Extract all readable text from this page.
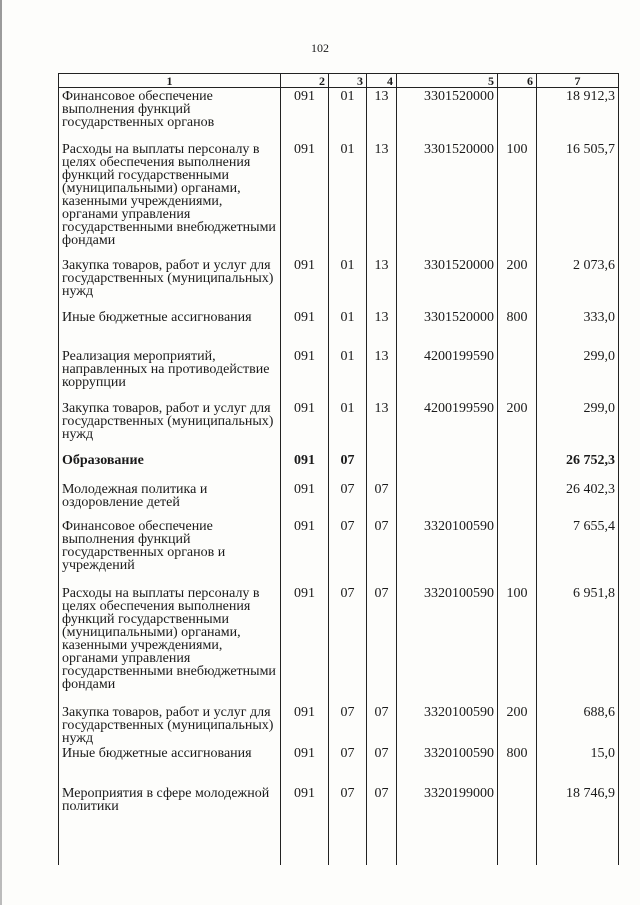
102
1	2	3	4	5	6	7
Финансовое обеспечение выполнения функций государственных органов	091	01	13	3301520000		18 912,3
Расходы на выплаты персоналу в целях обеспечения выполнения функций государственными (муниципальными) органами, казенными учреждениями, органами управления государственными внебюджетными фондами	091	01	13	3301520000	100	16 505,7
Закупка товаров, работ и услуг для государственных (муниципальных) нужд	091	01	13	3301520000	200	2 073,6
Иные бюджетные ассигнования	091	01	13	3301520000	800	333,0
Реализация мероприятий, направленных на противодействие коррупции	091	01	13	4200199590		299,0
Закупка товаров, работ и услуг для государственных (муниципальных) нужд	091	01	13	4200199590	200	299,0
Образование	091	07				26 752,3
Молодежная политика и оздоровление детей	091	07	07			26 402,3
Финансовое обеспечение выполнения функций государственных органов и учреждений	091	07	07	3320100590		7 655,4
Расходы на выплаты персоналу в целях обеспечения выполнения функций государственными (муниципальными) органами, казенными учреждениями, органами управления государственными внебюджетными фондами	091	07	07	3320100590	100	6 951,8
Закупка товаров, работ и услуг для государственных (муниципальных) нужд	091	07	07	3320100590	200	688,6
Иные бюджетные ассигнования	091	07	07	3320100590	800	15,0
Мероприятия в сфере молодежной политики	091	07	07	3320199000		18 746,9
